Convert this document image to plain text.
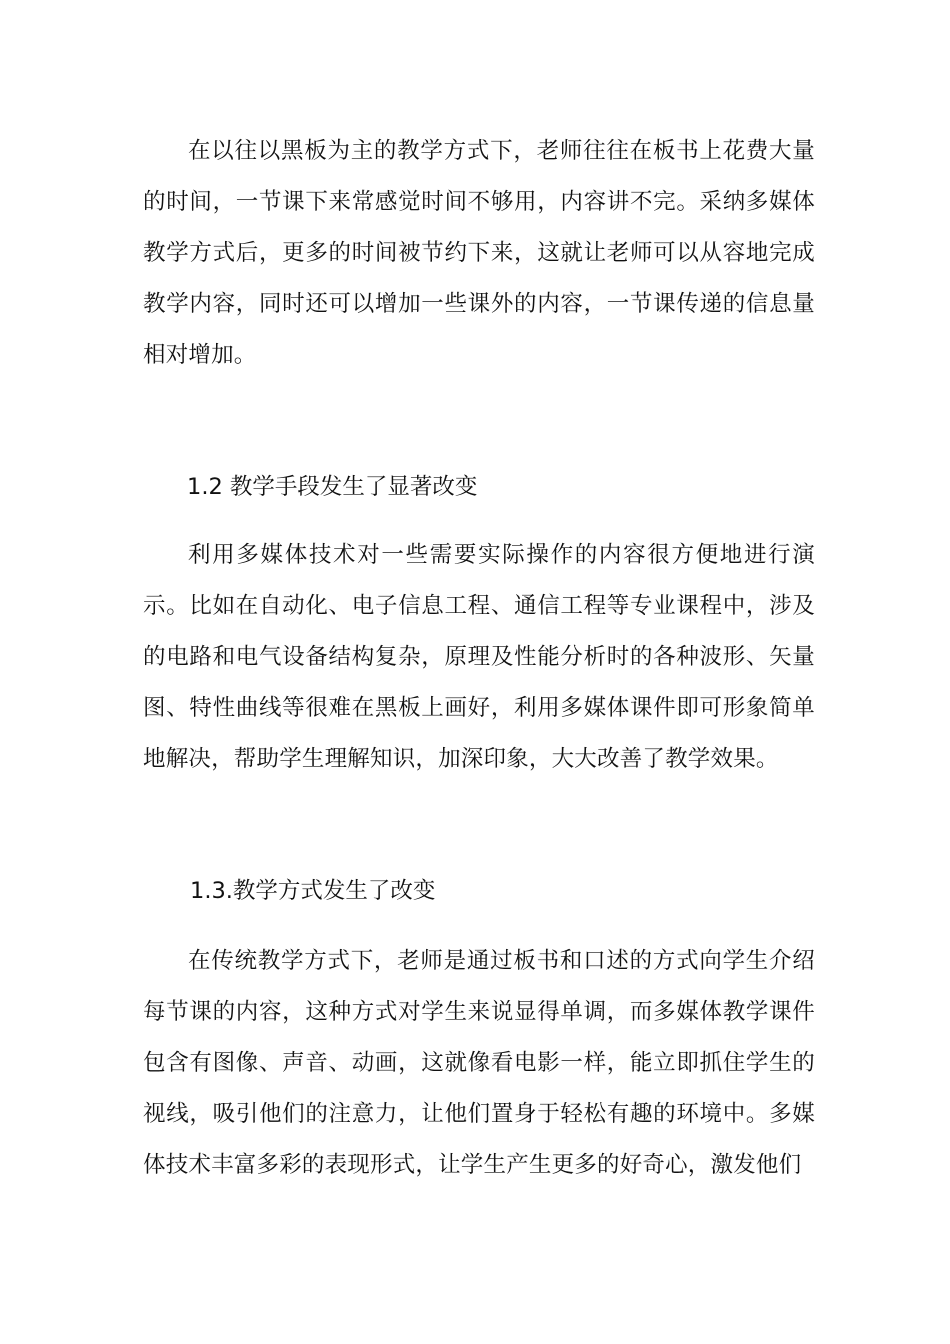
在以往以黑板为主的教学方式下，老师往往在板书上花费大量的时间，一节课下来常感觉时间不够用，内容讲不完。采纳多媒体教学方式后，更多的时间被节约下来，这就让老师可以从容地完成教学内容，同时还可以增加一些课外的内容，一节课传递的信息量相对增加。

1.2 教学手段发生了显著改变

利用多媒体技术对一些需要实际操作的内容很方便地进行演示。比如在自动化、电子信息工程、通信工程等专业课程中，涉及的电路和电气设备结构复杂，原理及性能分析时的各种波形、矢量图、特性曲线等很难在黑板上画好，利用多媒体课件即可形象简单地解决，帮助学生理解知识，加深印象，大大改善了教学效果。

1.3.教学方式发生了改变

在传统教学方式下，老师是通过板书和口述的方式向学生介绍每节课的内容，这种方式对学生来说显得单调，而多媒体教学课件包含有图像、声音、动画，这就像看电影一样，能立即抓住学生的视线，吸引他们的注意力，让他们置身于轻松有趣的环境中。多媒体技术丰富多彩的表现形式，让学生产生更多的好奇心，激发他们
